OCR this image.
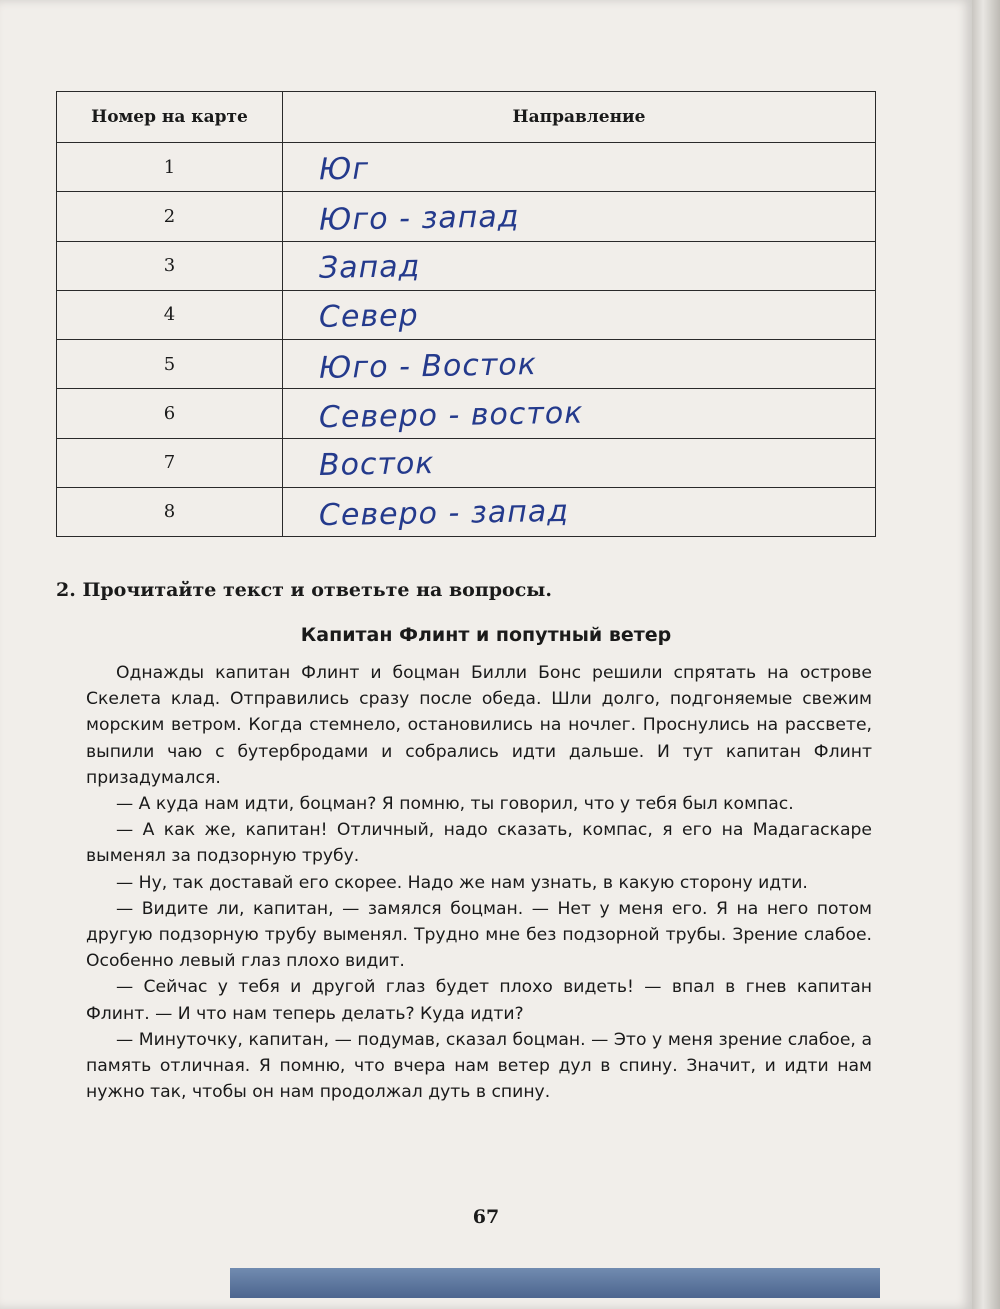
Номер на карте	Направление
1	Юг
2	Юго - запад
3	Запад
4	Север
5	Юго - Восток
6	Северо - восток
7	Восток
8	Северо - запад
2. Прочитайте текст и ответьте на вопросы.
Капитан Флинт и попутный ветер

Однажды капитан Флинт и боцман Билли Бонс решили спрятать на острове Скелета клад. Отправились сразу после обеда. Шли долго, подгоняемые свежим морским ветром. Когда стемнело, остановились на ночлег. Проснулись на рассвете, выпили чаю с бутербродами и собрались идти дальше. И тут капитан Флинт призадумался.

— А куда нам идти, боцман? Я помню, ты говорил, что у тебя был компас.

— А как же, капитан! Отличный, надо сказать, компас, я его на Мадагаскаре выменял за подзорную трубу.

— Ну, так доставай его скорее. Надо же нам узнать, в какую сторону идти.

— Видите ли, капитан, — замялся боцман. — Нет у меня его. Я на него потом другую подзорную трубу выменял. Трудно мне без подзорной трубы. Зрение слабое. Особенно левый глаз плохо видит.

— Сейчас у тебя и другой глаз будет плохо видеть! — впал в гнев капитан Флинт. — И что нам теперь делать? Куда идти?

— Минуточку, капитан, — подумав, сказал боцман. — Это у меня зрение слабое, а память отличная. Я помню, что вчера нам ветер дул в спину. Значит, и идти нам нужно так, чтобы он нам продолжал дуть в спину.

67
